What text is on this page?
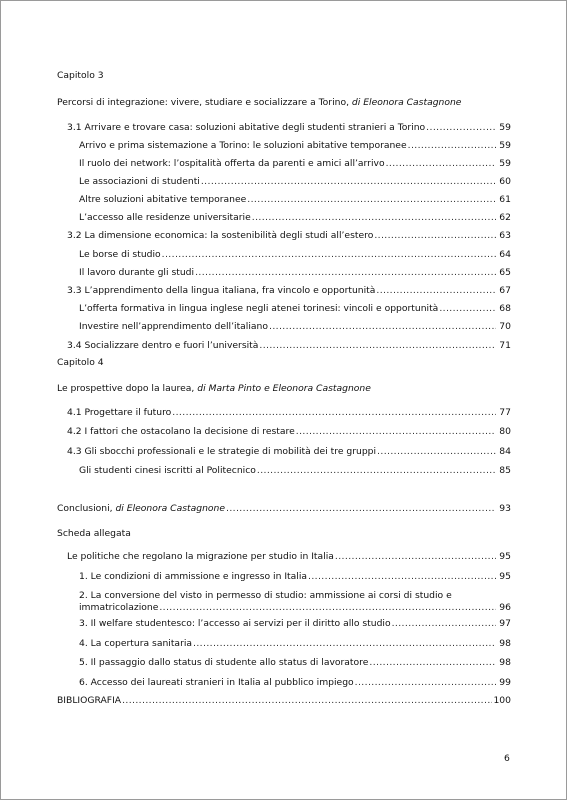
Capitolo 3
Percorsi di integrazione: vivere, studiare e socializzare a Torino, di Eleonora Castagnone
3.1 Arrivare e trovare casa: soluzioni abitative degli studenti stranieri a Torino .....	59
Arrivo e prima sistemazione a Torino: le soluzioni abitative temporanee .....	59
Il ruolo dei network: l’ospitalità offerta da parenti e amici all’arrivo .....	59
Le associazioni di studenti .....	60
Altre soluzioni abitative temporanee .....	61
L’accesso alle residenze universitarie .....	62
3.2 La dimensione economica: la sostenibilità degli studi all’estero .....	63
Le borse di studio .....	64
Il lavoro durante gli studi .....	65
3.3 L’apprendimento della lingua italiana, fra vincolo e opportunità .....	67
L’offerta formativa in lingua inglese negli atenei torinesi: vincoli e opportunità .....	68
Investire nell’apprendimento dell’italiano .....	70
3.4 Socializzare dentro e fuori l’università .....	71
Capitolo 4
Le prospettive dopo la laurea, di Marta Pinto e Eleonora Castagnone
4.1 Progettare il futuro .....	77
4.2 I fattori che ostacolano la decisione di restare .....	80
4.3 Gli sbocchi professionali e le strategie di mobilità dei tre gruppi .....	84
Gli studenti cinesi iscritti al Politecnico .....	85
Conclusioni, di Eleonora Castagnone .....	93
Scheda allegata
Le politiche che regolano la migrazione per studio in Italia .....	95
1. Le condizioni di ammissione e ingresso in Italia .....	95
2. La conversione del visto in permesso di studio: ammissione ai corsi di studio e
immatricolazione .....	96
3. Il welfare studentesco: l’accesso ai servizi per il diritto allo studio .....	97
4. La copertura sanitaria .....	98
5. Il passaggio dallo status di studente allo status di lavoratore .....	98
6. Accesso dei laureati stranieri in Italia al pubblico impiego .....	99
BIBLIOGRAFIA .....	100
6
